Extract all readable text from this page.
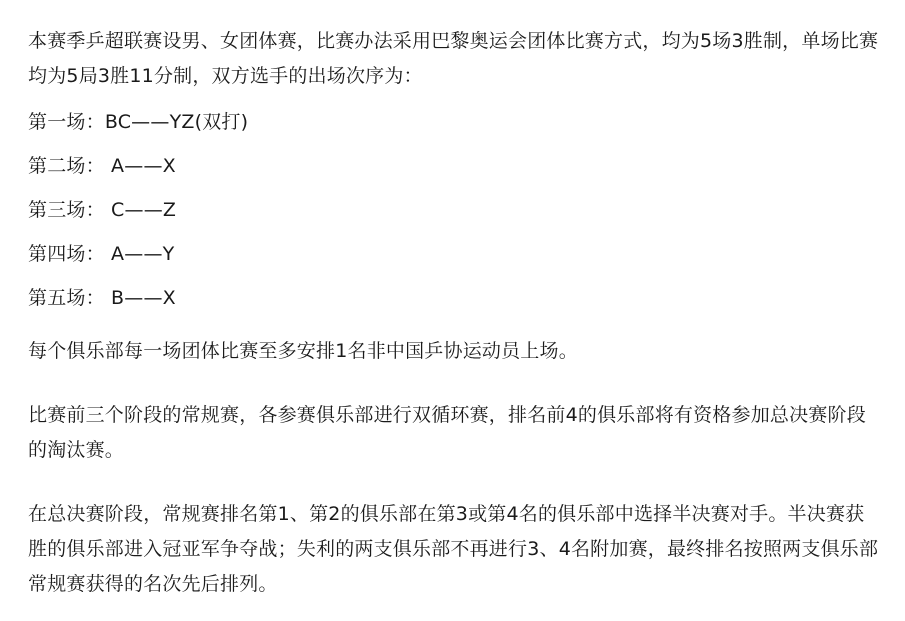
本赛季乒超联赛设男、女团体赛，比赛办法采用巴黎奥运会团体比赛方式，均为5场3胜制，单场比赛均为5局3胜11分制，双方选手的出场次序为：

第一场：BC——YZ(双打)

第二场： A——X

第三场： C——Z

第四场： A——Y

第五场： B——X

每个俱乐部每一场团体比赛至多安排1名非中国乒协运动员上场。

比赛前三个阶段的常规赛，各参赛俱乐部进行双循环赛，排名前4的俱乐部将有资格参加总决赛阶段的淘汰赛。

在总决赛阶段，常规赛排名第1、第2的俱乐部在第3或第4名的俱乐部中选择半决赛对手。半决赛获胜的俱乐部进入冠亚军争夺战；失利的两支俱乐部不再进行3、4名附加赛，最终排名按照两支俱乐部常规赛获得的名次先后排列。
